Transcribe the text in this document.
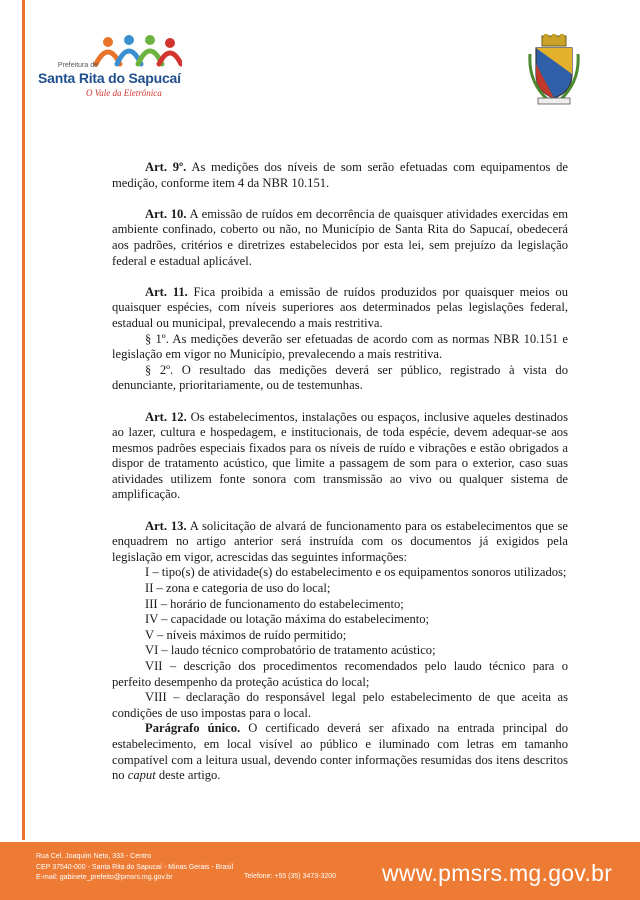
Prefeitura de
Santa Rita do Sapucaí
O Vale da Eletrônica

Art. 9º. As medições dos níveis de som serão efetuadas com equipamentos de medição, conforme item 4 da NBR 10.151.

Art. 10. A emissão de ruídos em decorrência de quaisquer atividades exercidas em ambiente confinado, coberto ou não, no Município de Santa Rita do Sapucaí, obedecerá aos padrões, critérios e diretrizes estabelecidos por esta lei, sem prejuízo da legislação federal e estadual aplicável.

Art. 11. Fica proibida a emissão de ruídos produzidos por quaisquer meios ou quaisquer espécies, com níveis superiores aos determinados pelas legislações federal, estadual ou municipal, prevalecendo a mais restritiva.

§ 1º. As medições deverão ser efetuadas de acordo com as normas NBR 10.151 e legislação em vigor no Município, prevalecendo a mais restritiva.

§ 2º. O resultado das medições deverá ser público, registrado à vista do denunciante, prioritariamente, ou de testemunhas.

Art. 12. Os estabelecimentos, instalações ou espaços, inclusive aqueles destinados ao lazer, cultura e hospedagem, e institucionais, de toda espécie, devem adequar-se aos mesmos padrões especiais fixados para os níveis de ruído e vibrações e estão obrigados a dispor de tratamento acústico, que limite a passagem de som para o exterior, caso suas atividades utilizem fonte sonora com transmissão ao vivo ou qualquer sistema de amplificação.

Art. 13. A solicitação de alvará de funcionamento para os estabelecimentos que se enquadrem no artigo anterior será instruída com os documentos já exigidos pela legislação em vigor, acrescidas das seguintes informações:

I – tipo(s) de atividade(s) do estabelecimento e os equipamentos sonoros utilizados;

II – zona e categoria de uso do local;

III – horário de funcionamento do estabelecimento;

IV – capacidade ou lotação máxima do estabelecimento;

V – níveis máximos de ruído permitido;

VI – laudo técnico comprobatório de tratamento acústico;

VII – descrição dos procedimentos recomendados pelo laudo técnico para o perfeito desempenho da proteção acústica do local;

VIII – declaração do responsável legal pelo estabelecimento de que aceita as condições de uso impostas para o local.

Parágrafo único. O certificado deverá ser afixado na entrada principal do estabelecimento, em local visível ao público e iluminado com letras em tamanho compatível com a leitura usual, devendo conter informações resumidas dos itens descritos no caput deste artigo.

Rua Cel. Joaquim Neto, 333 - Centro
CEP 37540-000 - Santa Rita do Sapucaí - Minas Gerais - Brasil
E-mail: gabinete_prefeito@pmsrs.mg.gov.br	Telefone: +55 (35) 3473-3200 www.pmsrs.mg.gov.br
